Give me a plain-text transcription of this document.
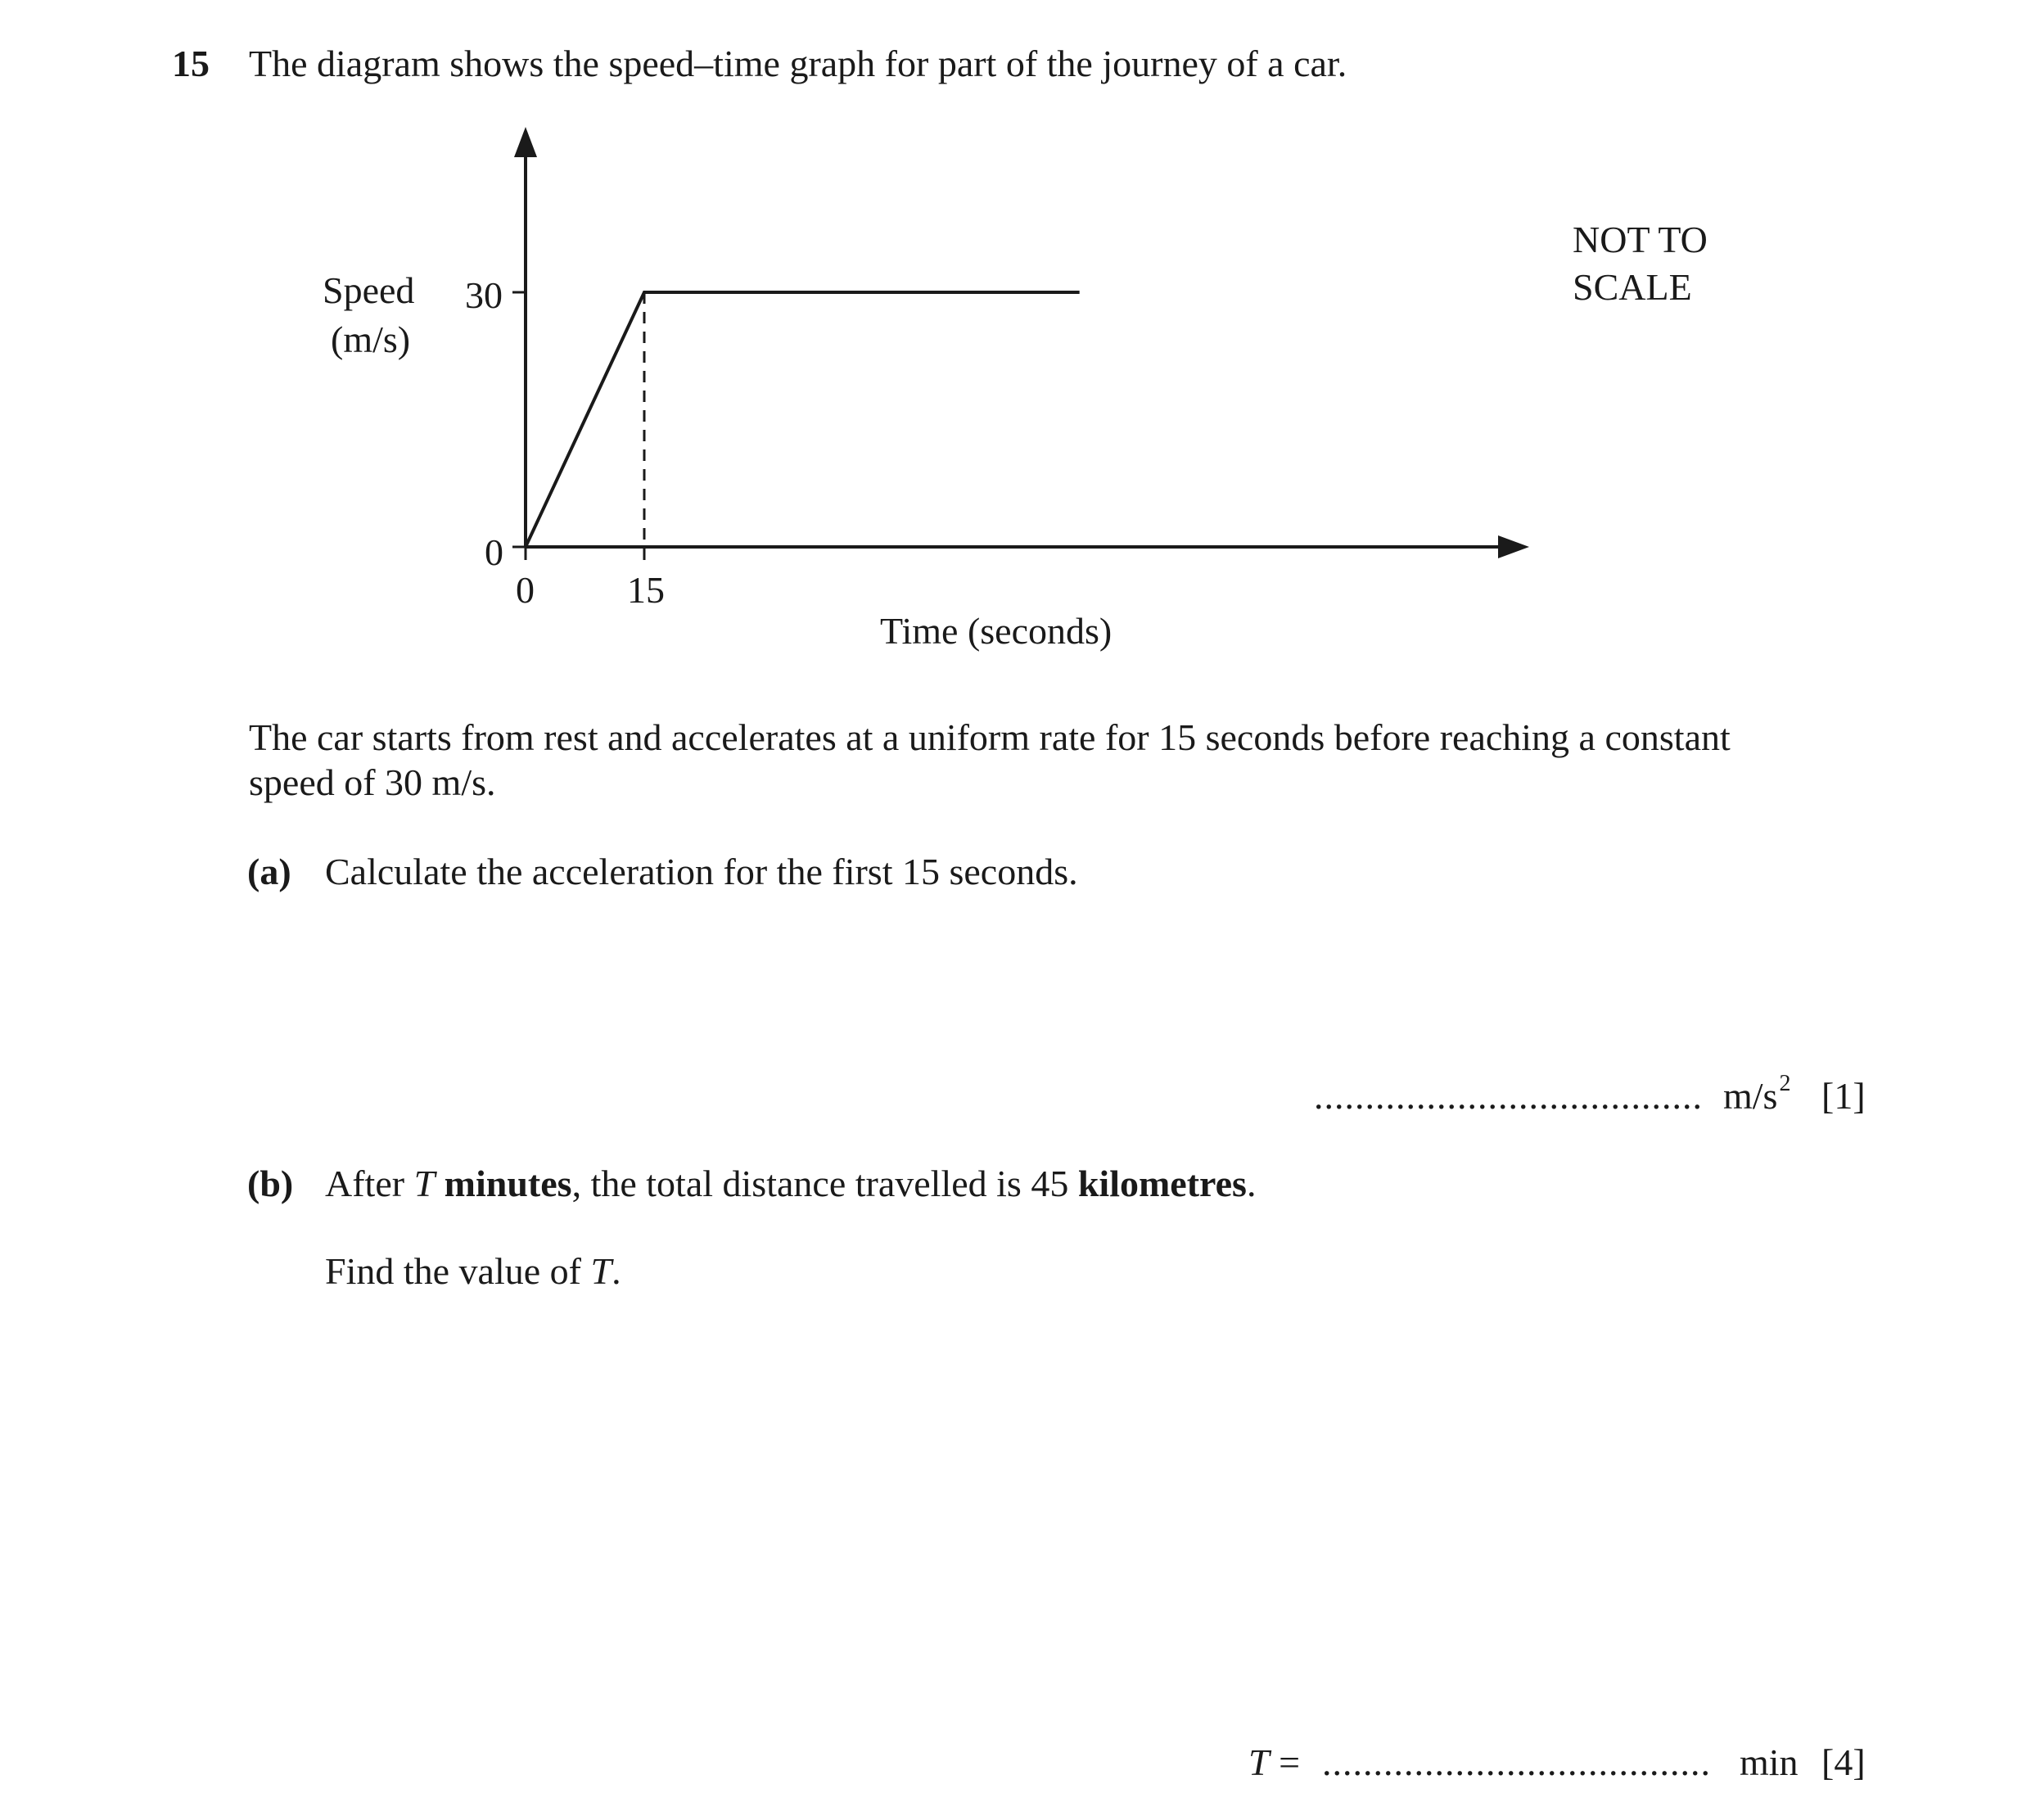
15 The diagram shows the speed–time graph for part of the journey of a car.
Speed
(m/s)
30
0
0 15
Time (seconds)
NOT TO
SCALE
The car starts from rest and accelerates at a uniform rate for 15 seconds before reaching a constant
speed of 30 m/s.
(a) Calculate the acceleration for the first 15 seconds.
...................................... $m/s^2$ [1]
(b) After T minutes, the total distance travelled is 45 kilometres.
Find the value of T.
T = ...................................... min [4]
